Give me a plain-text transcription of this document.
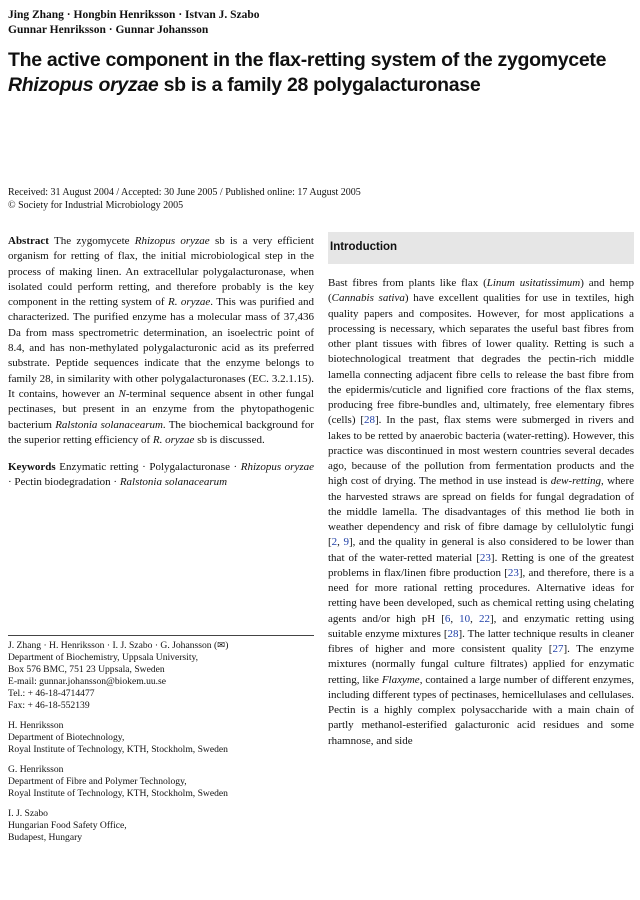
Jing Zhang · Hongbin Henriksson · Istvan J. Szabo
Gunnar Henriksson · Gunnar Johansson
The active component in the flax-retting system of the zygomycete
Rhizopus oryzae sb is a family 28 polygalacturonase
Received: 31 August 2004 / Accepted: 30 June 2005 / Published online: 17 August 2005
© Society for Industrial Microbiology 2005

Abstract The zygomycete Rhizopus oryzae sb is a very efficient organism for retting of flax, the initial microbiological step in the process of making linen. An extracellular polygalacturonase, when isolated could perform retting, and therefore probably is the key component in the retting system of R. oryzae. This was purified and characterized. The purified enzyme has a molecular mass of 37,436 Da from mass spectrometric determination, an isoelectric point of 8.4, and has non-methylated polygalacturonic acid as its preferred substrate. Peptide sequences indicate that the enzyme belongs to family 28, in similarity with other polygalacturonases (EC. 3.2.1.15). It contains, however an N-terminal sequence absent in other fungal pectinases, but present in an enzyme from the phytopathogenic bacterium Ralstonia solanacearum. The biochemical background for the superior retting efficiency of R. oryzae sb is discussed.

Keywords Enzymatic retting · Polygalacturonase · Rhizopus oryzae · Pectin biodegradation · Ralstonia solanacearum

J. Zhang · H. Henriksson · I. J. Szabo · G. Johansson (✉)
Department of Biochemistry, Uppsala University,
Box 576 BMC, 751 23 Uppsala, Sweden
E-mail: gunnar.johansson@biokem.uu.se
Tel.: + 46-18-4714477
Fax: + 46-18-552139
H. Henriksson
Department of Biotechnology,
Royal Institute of Technology, KTH, Stockholm, Sweden
G. Henriksson
Department of Fibre and Polymer Technology,
Royal Institute of Technology, KTH, Stockholm, Sweden
I. J. Szabo
Hungarian Food Safety Office,
Budapest, Hungary
Introduction

Bast fibres from plants like flax (Linum usitatissimum) and hemp (Cannabis sativa) have excellent qualities for use in textiles, high quality papers and composites. However, for most applications a processing is necessary, which separates the useful bast fibres from other plant tissues with fibres of lower quality. Retting is such a biotechnological treatment that degrades the pectin-rich middle lamella connecting adjacent fibre cells to release the bast fibre from the epidermis/cuticle and lignified core fractions of the flax stems, producing free fibre-bundles and, ultimately, free elementary fibres (cells) [28]. In the past, flax stems were submerged in rivers and lakes to be retted by anaerobic bacteria (water-retting). However, this practice was discontinued in most western countries several decades ago, because of the pollution from fermentation products and the high cost of drying. The method in use instead is dew-retting, where the harvested straws are spread on fields for fungal degradation of the middle lamella. The disadvantages of this method lie both in weather dependency and risk of fibre damage by cellulolytic fungi [2, 9], and the quality in general is also considered to be lower than that of the water-retted material [23]. Retting is one of the greatest problems in flax/linen fibre production [23], and therefore, there is a need for more rational retting procedures. Alternative ideas for retting have been developed, such as chemical retting using chelating agents and/or high pH [6, 10, 22], and enzymatic retting using suitable enzyme mixtures [28]. The latter technique results in cleaner fibres of higher and more consistent quality [27]. The enzyme mixtures (normally fungal culture filtrates) applied for enzymatic retting, like Flaxyme, contained a large number of different enzymes, including different types of pectinases, hemicellulases and cellulases. Pectin is a highly complex polysaccharide with a main chain of partly methanol-esterified galacturonic acid residues and some rhamnose, and side
